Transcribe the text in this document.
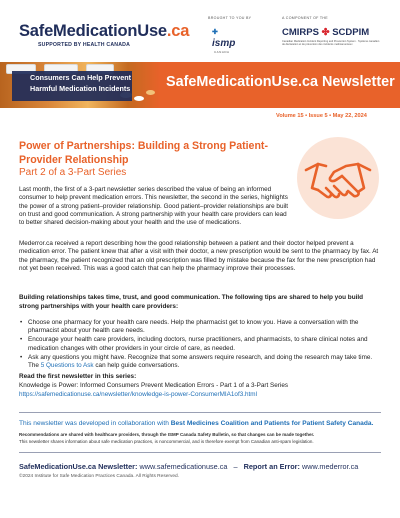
SafeMedicationUse.ca
SUPPORTED BY HEALTH CANADA
BROUGHT TO YOU BY
✚
ismp
CANADA
A COMPONENT OF THE
CMIRPS ✤ SCDPIM
Canadian Medication Incident Reporting and Prevention System · Système canadien de déclaration et de prévention des incidents médicamenteux
Consumers Can Help Prevent
Harmful Medication Incidents SafeMedicationUse.ca Newsletter
Volume 15 • Issue 5 • May 22, 2024
Power of Partnerships: Building a Strong Patient-Provider Relationship
Part 2 of a 3-Part Series
Last month, the first of a 3-part newsletter series described the value of being an informed consumer to help prevent medication errors. This newsletter, the second in the series, highlights the power of a strong patient–provider relationship. Good patient–provider relationships are built on trust and good communication. A strong partnership with your health care providers can lead to better shared decision-making about your health and the use of medications.
Mederror.ca received a report describing how the good relationship between a patient and their doctor helped prevent a medication error. The patient knew that after a visit with their doctor, a new prescription would be sent to the pharmacy by fax. At the pharmacy, the patient recognized that an old prescription was filled by mistake because the fax for the new prescription had not yet been received. This was a good catch that can help the pharmacy improve their processes.
Building relationships takes time, trust, and good communication. The following tips are shared to help you build strong partnerships with your health care providers:
• Choose one pharmacy for your health care needs. Help the pharmacist get to know you. Have a conversation with the pharmacist about your health care needs.
• Encourage your health care providers, including doctors, nurse practitioners, and pharmacists, to share clinical notes and medication changes with other providers in your circle of care, as needed.
• Ask any questions you might have. Recognize that some answers require research, and doing the research may take time. The 5 Questions to Ask can help guide conversations.
Read the first newsletter in this series:
Knowledge is Power: Informed Consumers Prevent Medication Errors - Part 1 of a 3-Part Series
https://safemedicationuse.ca/newsletter/knowledge-is-power-ConsumerMIA1of3.html
This newsletter was developed in collaboration with Best Medicines Coalition and Patients for Patient Safety Canada.
Recommendations are shared with healthcare providers, through the ISMP Canada Safety Bulletin, so that changes can be made together.
This newsletter shares information about safe medication practices, is noncommercial, and is therefore exempt from Canadian anti-spam legislation.
SafeMedicationUse.ca Newsletter: www.safemedicationuse.ca – Report an Error: www.mederror.ca
©2024 Institute for Safe Medication Practices Canada. All Rights Reserved.
